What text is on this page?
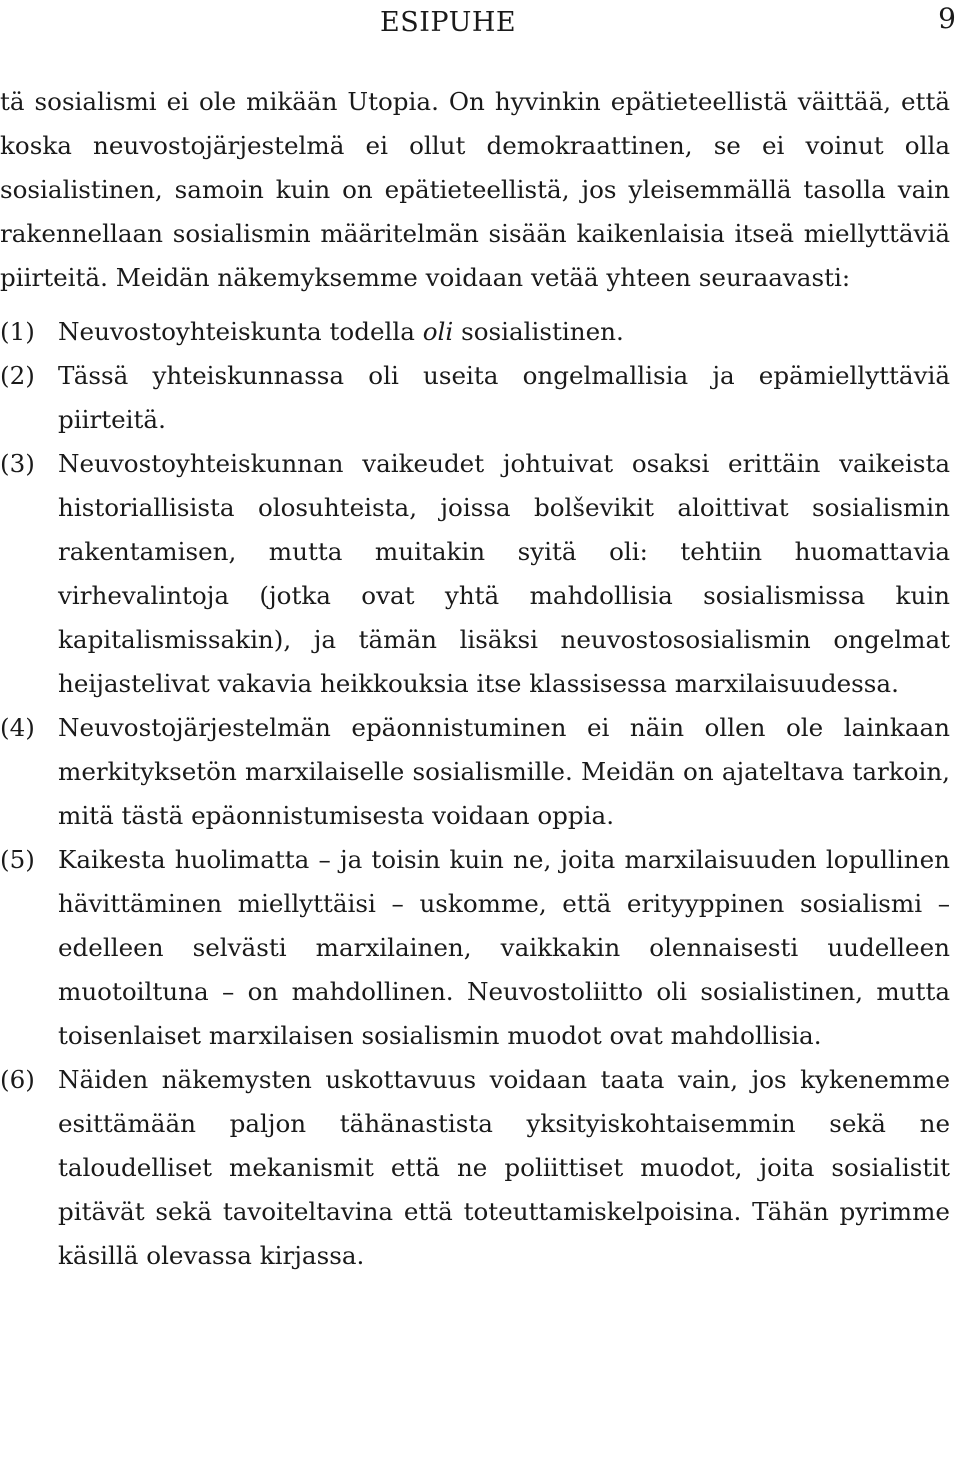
ESIPUHE	9

tä sosialismi ei ole mikään Utopia. On hyvinkin epätieteellistä väittää, että koska neuvostojärjestelmä ei ollut demokraattinen, se ei voinut olla sosialistinen, samoin kuin on epätieteellistä, jos yleisemmällä tasolla vain rakennellaan sosialismin määritelmän sisään kaikenlaisia itseä miellyttäviä piirteitä. Meidän näkemyksemme voidaan vetää yhteen seuraavasti:

(1) Neuvostoyhteiskunta todella oli sosialistinen.
(2) Tässä yhteiskunnassa oli useita ongelmallisia ja epämiellyttäviä piirteitä.
(3) Neuvostoyhteiskunnan vaikeudet johtuivat osaksi erittäin vaikeista historiallisista olosuhteista, joissa bolševikit aloittivat sosialismin rakentamisen, mutta muitakin syitä oli: tehtiin huomattavia virhevalintoja (jotka ovat yhtä mahdollisia sosialismissa kuin kapitalismissakin), ja tämän lisäksi neuvostososialismin ongelmat heijastelivat vakavia heikkouksia itse klassisessa marxilaisuudessa.
(4) Neuvostojärjestelmän epäonnistuminen ei näin ollen ole lainkaan merkityksetön marxilaiselle sosialismille. Meidän on ajateltava tarkoin, mitä tästä epäonnistumisesta voidaan oppia.
(5) Kaikesta huolimatta – ja toisin kuin ne, joita marxilaisuuden lopullinen hävittäminen miellyttäisi – uskomme, että erityyppinen sosialismi – edelleen selvästi marxilainen, vaikkakin olennaisesti uudelleen muotoiltuna – on mahdollinen. Neuvostoliitto oli sosialistinen, mutta toisenlaiset marxilaisen sosialismin muodot ovat mahdollisia.
(6) Näiden näkemysten uskottavuus voidaan taata vain, jos kykenemme esittämään paljon tähänastista yksityiskohtaisemmin sekä ne taloudelliset mekanismit että ne poliittiset muodot, joita sosialistit pitävät sekä tavoiteltavina että toteuttamiskelpoisina. Tähän pyrimme käsillä olevassa kirjassa.
